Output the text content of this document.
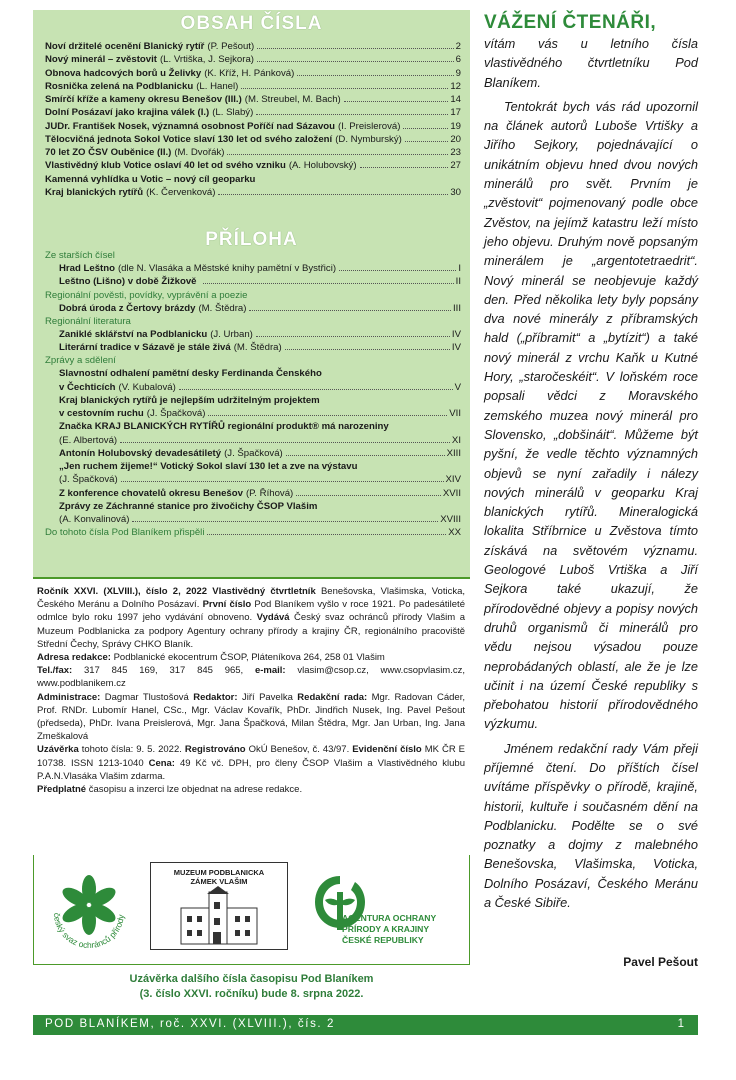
OBSAH ČÍSLA
Noví držitelé ocenění Blanický rytíř (P. Pešout)	2
Nový minerál – zvěstovit (L. Vrtiška, J. Sejkora)	6
Obnova hadcových borů u Želivky (K. Kříž, H. Pánková)	9
Rosnička zelená na Podblanicku (L. Hanel)	12
Smírčí kříže a kameny okresu Benešov (III.) (M. Streubel, M. Bach)	14
Dolní Posázaví jako krajina válek (I.) (L. Slabý)	17
JUDr. František Nosek, významná osobnost Poříčí nad Sázavou (I. Preislerová)	19
Tělocvičná jednota Sokol Votice slaví 130 let od svého založení (D. Nymburský)	20
70 let ZO ČSV Ouběnice (II.) (M. Dvořák)	23
Vlastivědný klub Votice oslaví 40 let od svého vzniku (A. Holubovský)	27
Kamenná vyhlídka u Votic – nový cíl geoparku
Kraj blanických rytířů (K. Červenková)	30
PŘÍLOHA
Ze starších čísel
Hrad Leštno (dle N. Vlasáka a Městské knihy pamětní v Bystřici)	I
Leštno (Lišno) v době Žižkově	II
Regionální pověsti, povídky, vyprávění a poezie
Dobrá úroda z Čertovy brázdy (M. Štědra)	III
Regionální literatura
Zaniklé sklářství na Podblanicku (J. Urban)	IV
Literární tradice v Sázavě je stále živá (M. Štědra)	IV
Zprávy a sdělení
Slavnostní odhalení pamětní desky Ferdinanda Čenského
v Čechticích (V. Kubalová)	V
Kraj blanických rytířů je nejlepším udržitelným projektem
v cestovním ruchu (J. Špačková)	VII
Značka KRAJ BLANICKÝCH RYTÍŘŮ regionální produkt® má narozeniny
(E. Albertová)	XI
Antonín Holubovský devadesátiletý (J. Špačková)	XIII
„Jen ruchem žijeme!“ Votický Sokol slaví 130 let a zve na výstavu
(J. Špačková)	XIV
Z konference chovatelů okresu Benešov (P. Říhová)	XVII
Zprávy ze Záchranné stanice pro živočichy ČSOP Vlašim
(A. Konvalinová)	XVIII
Do tohoto čísla Pod Blaníkem přispěli	XX
Ročník XXVI. (XLVIII.), číslo 2, 2022 Vlastivědný čtvrtletník Benešovska, Vlašimska, Voticka, Českého Meránu a Dolního Posázaví. První číslo Pod Blaníkem vyšlo v roce 1921. Po padesátileté odmlce bylo roku 1997 jeho vydávání obnoveno. Vydává Český svaz ochránců přírody Vlašim a Muzeum Podblanicka za podpory Agentury ochrany přírody a krajiny ČR, regionálního pracoviště Střední Čechy, Správy CHKO Blaník.
Adresa redakce: Podblanické ekocentrum ČSOP, Pláteníkova 264, 258 01 Vlašim
Tel./fax: 317 845 169, 317 845 965, e-mail: vlasim@csop.cz, www.csopvlasim.cz, www.podblanikem.cz
Administrace: Dagmar Tlustošová Redaktor: Jiří Pavelka Redakční rada: Mgr. Radovan Cáder, Prof. RNDr. Lubomír Hanel, CSc., Mgr. Václav Kovařík, PhDr. Jindřich Nusek, Ing. Pavel Pešout (předseda), PhDr. Ivana Preislerová, Mgr. Jana Špačková, Milan Štědra, Mgr. Jan Urban, Ing. Jana Zmeškalová
Uzávěrka tohoto čísla: 9. 5. 2022. Registrováno OkÚ Benešov, č. 43/97. Evidenční číslo MK ČR E 10738. ISSN 1213-1040 Cena: 49 Kč vč. DPH, pro členy ČSOP Vlašim a Vlastivědného klubu P.A.N.Vlasáka Vlašim zdarma.
Předplatné časopisu a inzerci lze objednat na adrese redakce.
český svaz ochránců přírody
MUZEUM PODBLANICKA
ZÁMEK VLAŠIM
AGENTURA OCHRANY
PŘÍRODY A KRAJINY
ČESKÉ REPUBLIKY
Uzávěrka dalšího čísla časopisu Pod Blaníkem
(3. číslo XXVI. ročníku) bude 8. srpna 2022.
POD BLANÍKEM, roč. XXVI. (XLVIII.), čís. 2	1
VÁŽENÍ ČTENÁŘI,

vítám vás u letního čísla vlastivědného čtvrtletníku Pod Blaníkem.

Tentokrát bych vás rád upozornil na článek autorů Luboše Vrtišky a Jiřího Sejkory, pojednávající o unikátním objevu hned dvou nových minerálů pro svět. Prvním je „zvěstovit“ pojmenovaný podle obce Zvěstov, na jejímž katastru leží místo jeho objevu. Druhým nově popsaným minerálem je „argentotetraedrit“. Nový minerál se neobjevuje každý den. Před několika lety byly popsány dva nové minerály z příbramských hald („příbramit“ a „bytízit“) a také nový minerál z vrchu Kaňk u Kutné Hory, „staročeskéit“. V loňském roce popsali vědci z Moravského zemského muzea nový minerál pro Slovensko, „dobšináit“. Můžeme být pyšní, že vedle těchto významných objevů se nyní zařadily i nálezy nových minerálů v geoparku Kraj blanických rytířů. Mineralogická lokalita Stříbrnice u Zvěstova tímto získává na světovém významu. Geologové Luboš Vrtiška a Jiří Sejkora také ukazují, že přírodovědné objevy a popisy nových druhů organismů či minerálů pro vědu nejsou výsadou pouze neprobádaných oblastí, ale že je lze učinit i na území České republiky s přebohatou historií přírodovědného výzkumu.

Jménem redakční rady Vám přeji příjemné čtení. Do příštích čísel uvítáme příspěvky o přírodě, krajině, historii, kultuře i současném dění na Podblanicku. Podělte se o své poznatky a dojmy z malebného Benešovska, Vlašimska, Voticka, Dolního Posázaví, Českého Meránu a České Sibiře.

Pavel Pešout
